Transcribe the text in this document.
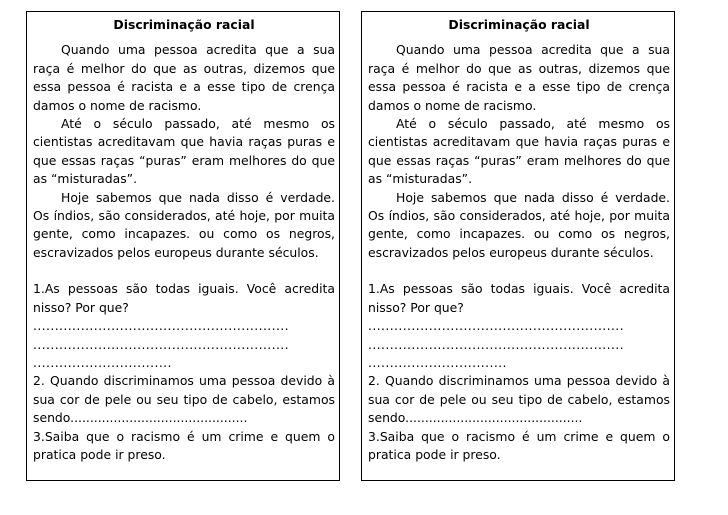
Discriminação racial

Quando uma pessoa acredita que a sua raça é melhor do que as outras, dizemos que essa pessoa é racista e a esse tipo de crença damos o nome de racismo.

Até o século passado, até mesmo os cientistas acreditavam que havia raças puras e que essas raças “puras” eram melhores do que as “misturadas”.

Hoje sabemos que nada disso é verdade. Os índios, são considerados, até hoje, por muita gente, como incapazes. ou como os negros, escravizados pelos europeus durante séculos.

1.As pessoas são todas iguais. Você acredita nisso? Por que?

...........................................................
...........................................................
................................

2. Quando discriminamos uma pessoa devido à sua cor de pele ou seu tipo de cabelo, estamos sendo.............................................

3.Saiba que o racismo é um crime e quem o pratica pode ir preso.

Discriminação racial

Quando uma pessoa acredita que a sua raça é melhor do que as outras, dizemos que essa pessoa é racista e a esse tipo de crença damos o nome de racismo.

Até o século passado, até mesmo os cientistas acreditavam que havia raças puras e que essas raças “puras” eram melhores do que as “misturadas”.

Hoje sabemos que nada disso é verdade. Os índios, são considerados, até hoje, por muita gente, como incapazes. ou como os negros, escravizados pelos europeus durante séculos.

1.As pessoas são todas iguais. Você acredita nisso? Por que?

...........................................................
...........................................................
................................

2. Quando discriminamos uma pessoa devido à sua cor de pele ou seu tipo de cabelo, estamos sendo.............................................

3.Saiba que o racismo é um crime e quem o pratica pode ir preso.
